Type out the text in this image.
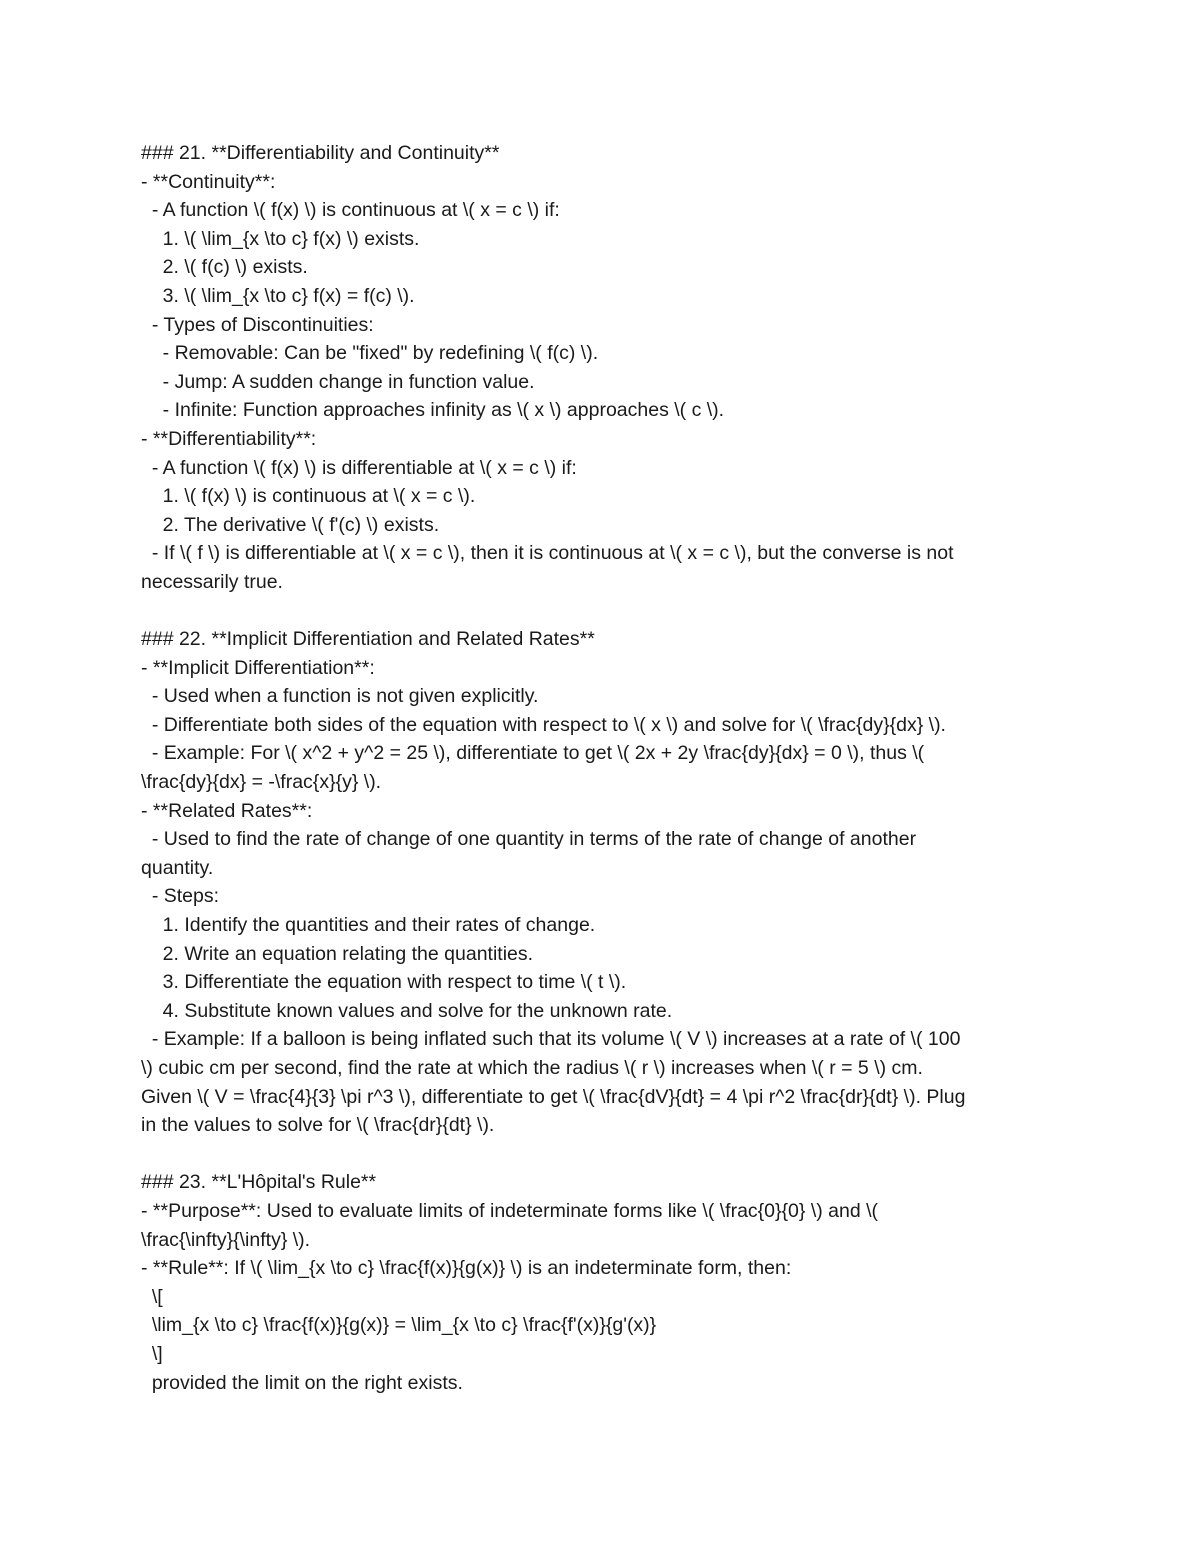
### 21. **Differentiability and Continuity**
- **Continuity**:
- A function \( f(x) \) is continuous at \( x = c \) if:
1. \( \lim_{x \to c} f(x) \) exists.
2. \( f(c) \) exists.
3. \( \lim_{x \to c} f(x) = f(c) \).
- Types of Discontinuities:
- Removable: Can be "fixed" by redefining \( f(c) \).
- Jump: A sudden change in function value.
- Infinite: Function approaches infinity as \( x \) approaches \( c \).
- **Differentiability**:
- A function \( f(x) \) is differentiable at \( x = c \) if:
1. \( f(x) \) is continuous at \( x = c \).
2. The derivative \( f'(c) \) exists.
- If \( f \) is differentiable at \( x = c \), then it is continuous at \( x = c \), but the converse is not
necessarily true.
### 22. **Implicit Differentiation and Related Rates**
- **Implicit Differentiation**:
- Used when a function is not given explicitly.
- Differentiate both sides of the equation with respect to \( x \) and solve for \( \frac{dy}{dx} \).
- Example: For \( x^2 + y^2 = 25 \), differentiate to get \( 2x + 2y \frac{dy}{dx} = 0 \), thus \(
\frac{dy}{dx} = -\frac{x}{y} \).
- **Related Rates**:
- Used to find the rate of change of one quantity in terms of the rate of change of another
quantity.
- Steps:
1. Identify the quantities and their rates of change.
2. Write an equation relating the quantities.
3. Differentiate the equation with respect to time \( t \).
4. Substitute known values and solve for the unknown rate.
- Example: If a balloon is being inflated such that its volume \( V \) increases at a rate of \( 100
\) cubic cm per second, find the rate at which the radius \( r \) increases when \( r = 5 \) cm.
Given \( V = \frac{4}{3} \pi r^3 \), differentiate to get \( \frac{dV}{dt} = 4 \pi r^2 \frac{dr}{dt} \). Plug
in the values to solve for \( \frac{dr}{dt} \).
### 23. **L'Hôpital's Rule**
- **Purpose**: Used to evaluate limits of indeterminate forms like \( \frac{0}{0} \) and \(
\frac{\infty}{\infty} \).
- **Rule**: If \( \lim_{x \to c} \frac{f(x)}{g(x)} \) is an indeterminate form, then:
\[
\lim_{x \to c} \frac{f(x)}{g(x)} = \lim_{x \to c} \frac{f'(x)}{g'(x)}
\]
provided the limit on the right exists.
